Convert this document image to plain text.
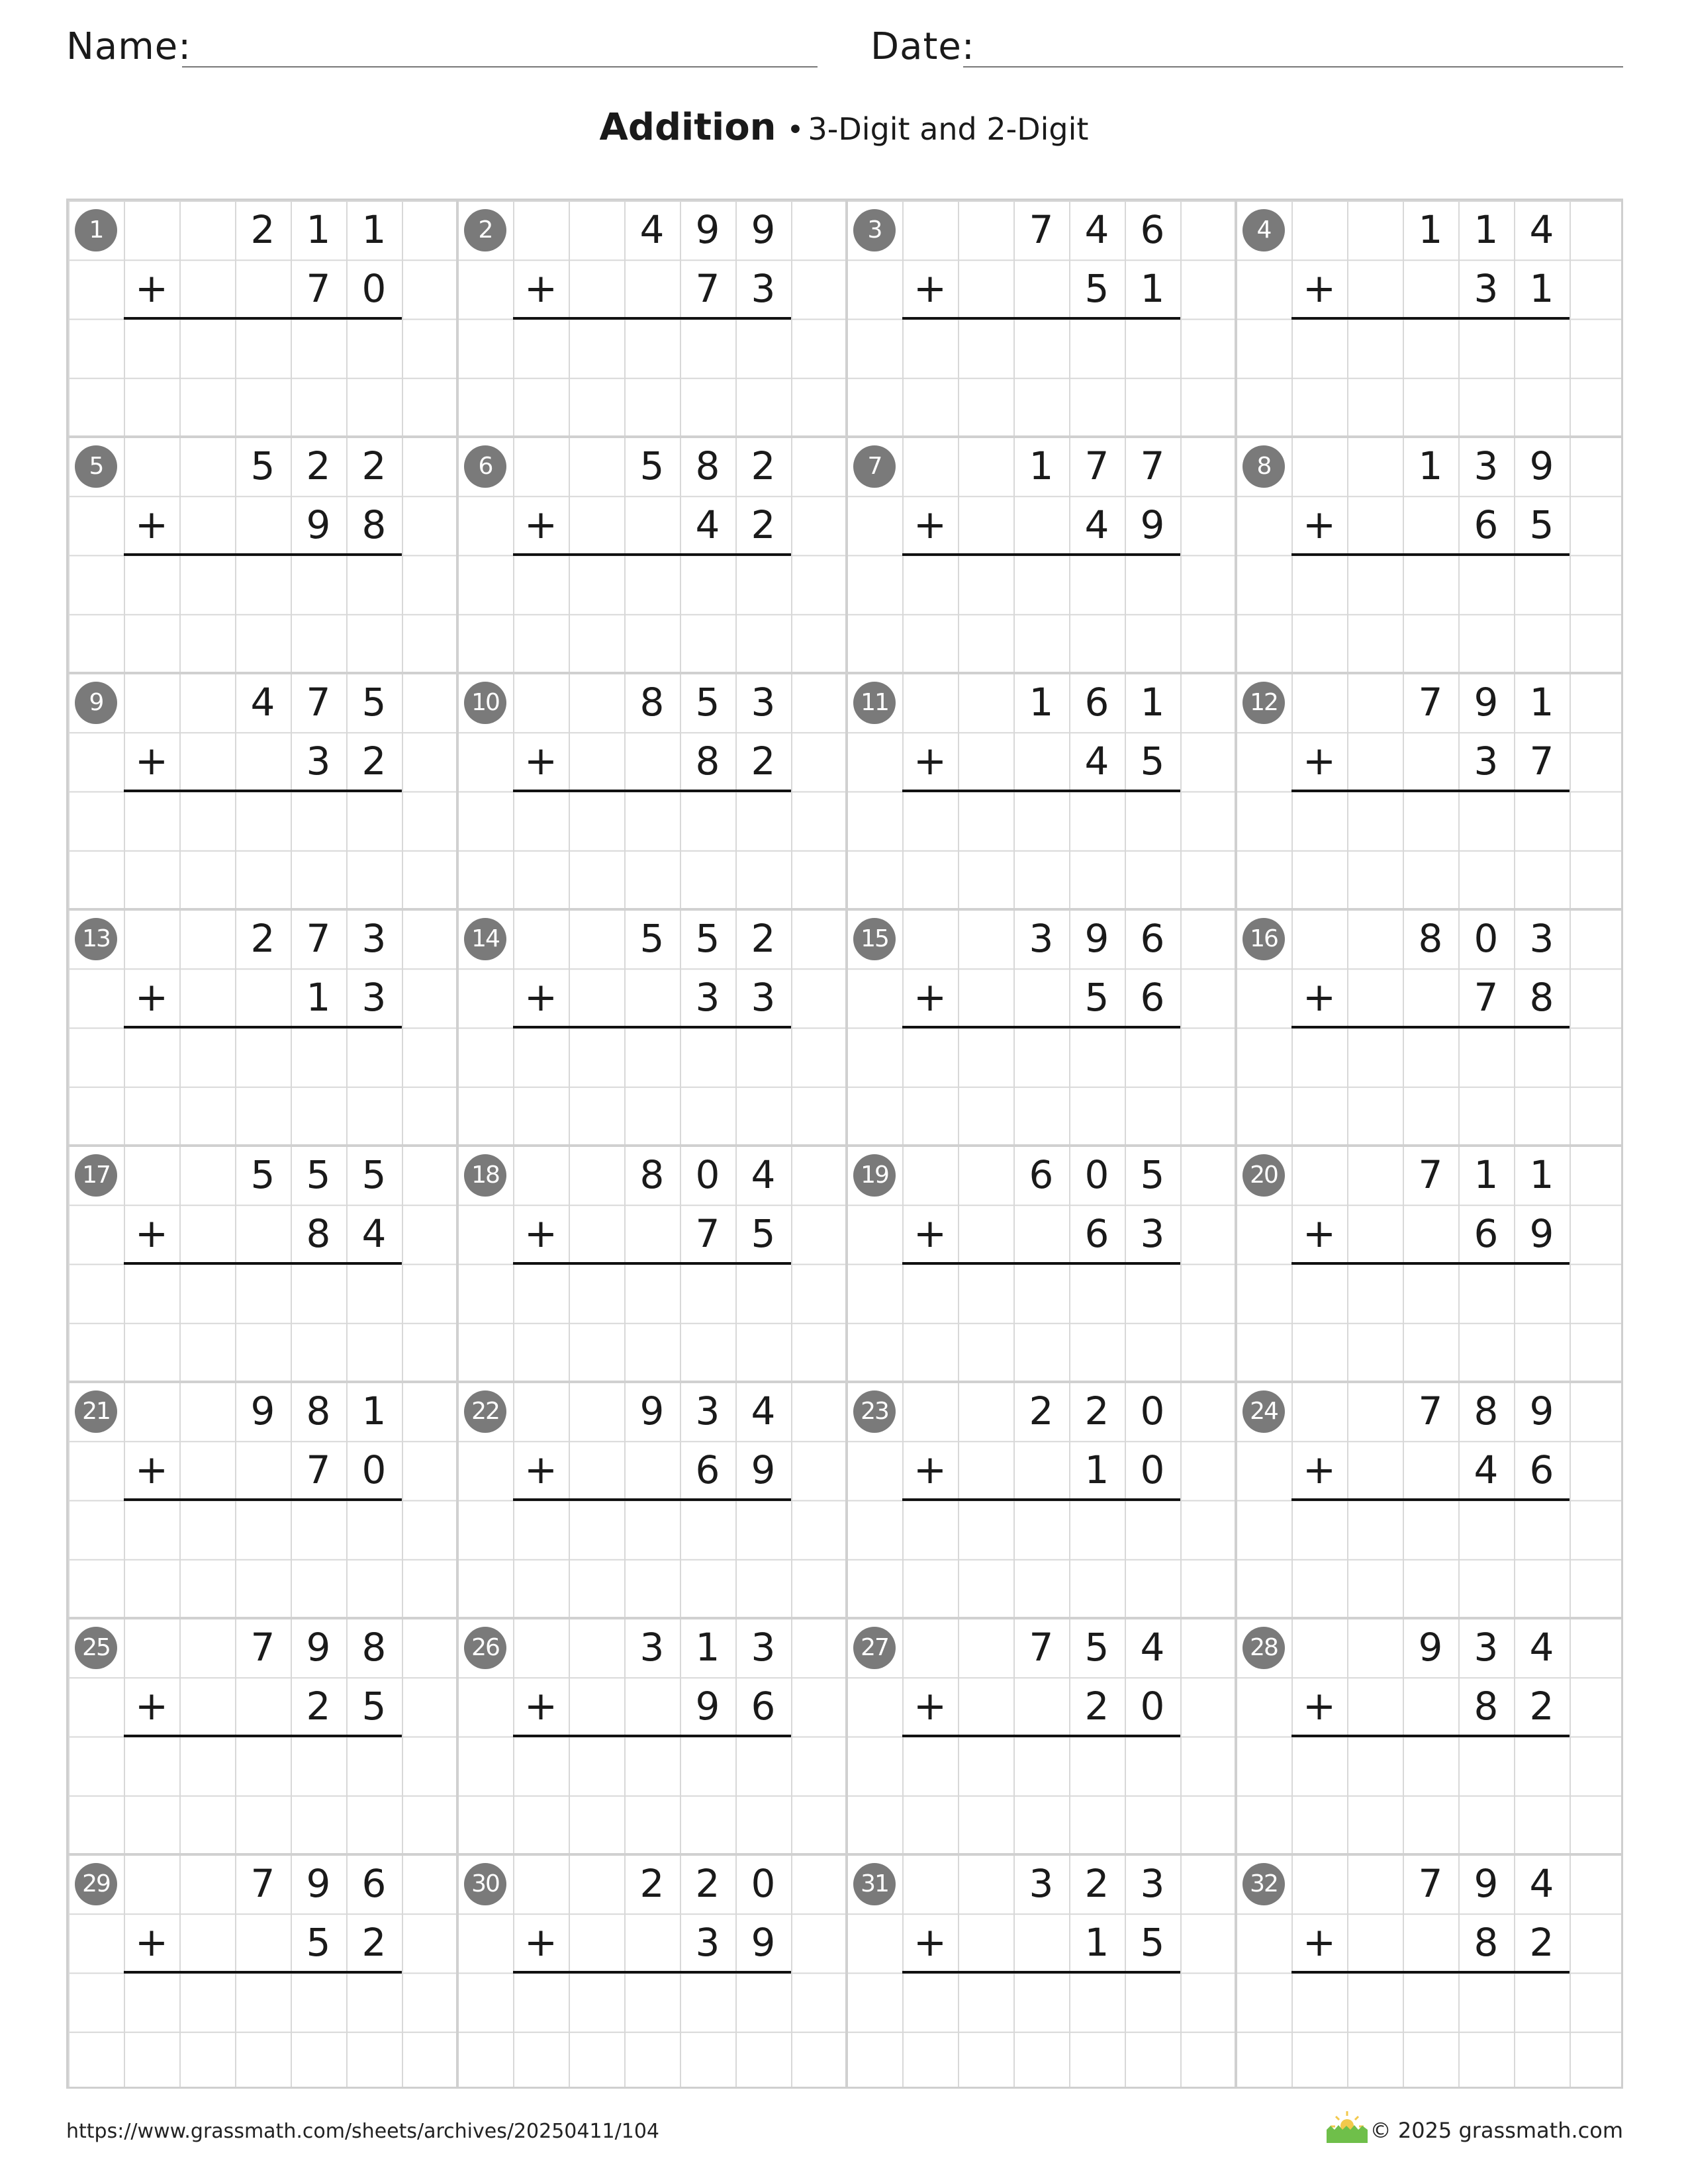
Name:	Date:
Addition • 3-Digit and 2-Digit
1	2 1 1
+	7 0
2	4 9 9
+	7 3
3	7 4 6
+	5 1
4	1 1 4
+	3 1
5	5 2 2
+	9 8
6	5 8 2
+	4 2
7	1 7 7
+	4 9
8	1 3 9
+	6 5
9	4 7 5
+	3 2
10	8 5 3
+	8 2
11	1 6 1
+	4 5
12	7 9 1
+	3 7
13	2 7 3
+	1 3
14	5 5 2
+	3 3
15	3 9 6
+	5 6
16	8 0 3
+	7 8
17	5 5 5
+	8 4
18	8 0 4
+	7 5
19	6 0 5
+	6 3
20	7 1 1
+	6 9
21	9 8 1
+	7 0
22	9 3 4
+	6 9
23	2 2 0
+	1 0
24	7 8 9
+	4 6
25	7 9 8
+	2 5
26	3 1 3
+	9 6
27	7 5 4
+	2 0
28	9 3 4
+	8 2
29	7 9 6
+	5 2
30	2 2 0
+	3 9
31	3 2 3
+	1 5
32	7 9 4
+	8 2
https://www.grassmath.com/sheets/archives/20250411/104	© 2025 grassmath.com
